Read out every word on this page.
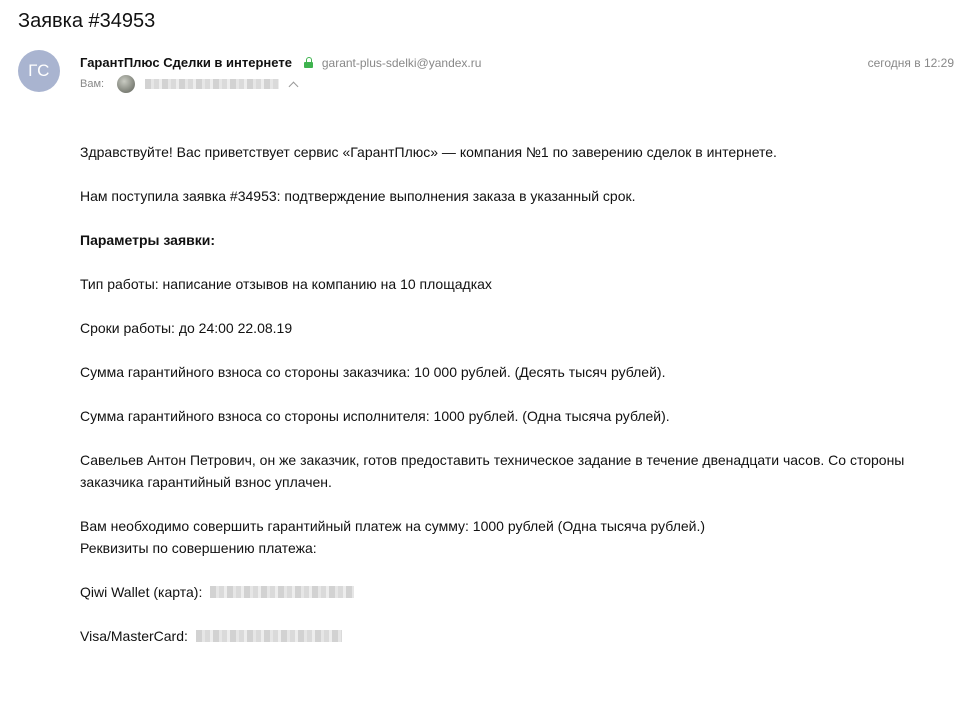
Заявка #34953
ГС	ГарантПлюс Сделки в интернете garant-plus-sdelki@yandex.ru	сегодня в 12:29
Вам:

Здравствуйте! Вас приветствует сервис «ГарантПлюс» — компания №1 по заверению сделок в интернете.

Нам поступила заявка #34953: подтверждение выполнения заказа в указанный срок.

Параметры заявки:

Тип работы: написание отзывов на компанию на 10 площадках

Сроки работы: до 24:00 22.08.19

Сумма гарантийного взноса со стороны заказчика: 10 000 рублей. (Десять тысяч рублей).

Сумма гарантийного взноса со стороны исполнителя: 1000 рублей. (Одна тысяча рублей).

Савельев Антон Петрович, он же заказчик, готов предоставить техническое задание в течение двенадцати часов. Со стороны заказчика гарантийный взнос уплачен.

Вам необходимо совершить гарантийный платеж на сумму: 1000 рублей (Одна тысяча рублей.)

Реквизиты по совершению платежа:

Qiwi Wallet (карта):

Visa/MasterCard:
